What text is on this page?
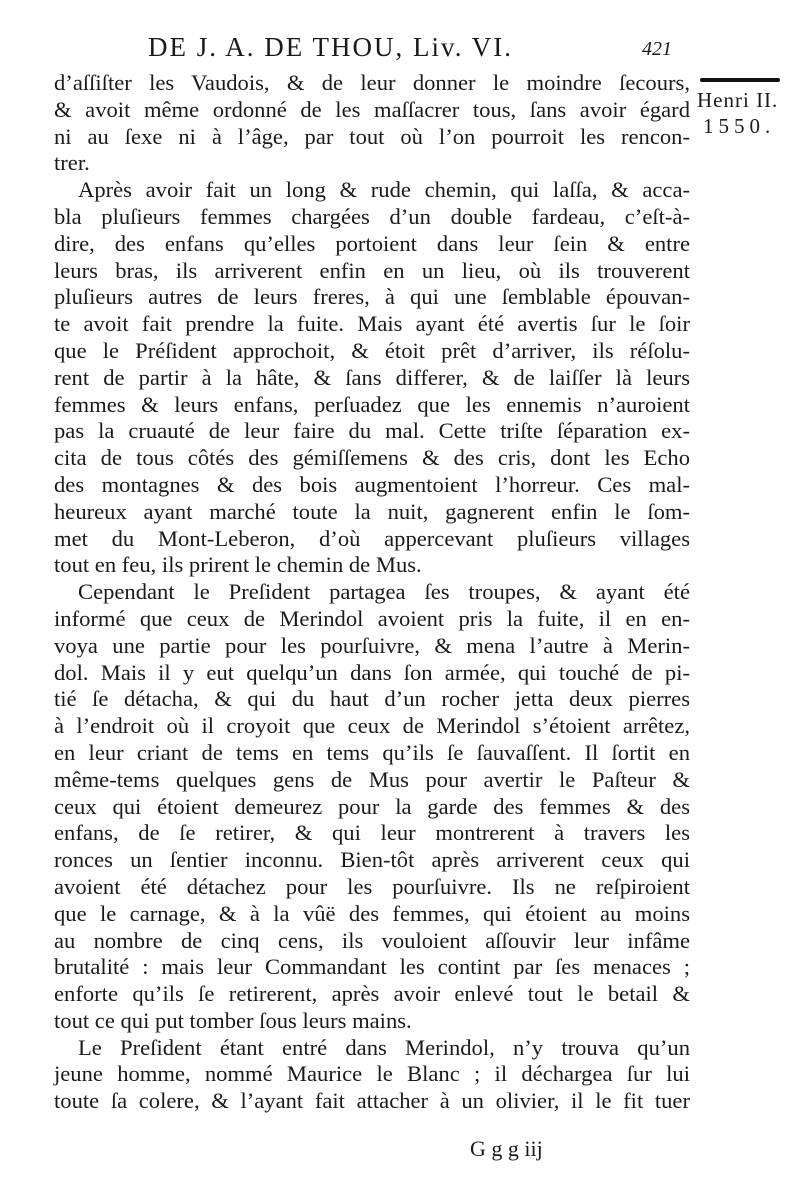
DE J. A. DE THOU, Liv. VI.	421
Henri II.
1550.
d’aſſiſter les Vaudois, & de leur donner le moindre ſecours,
& avoit même ordonné de les maſſacrer tous, ſans avoir égard
ni au ſexe ni à l’âge, par tout où l’on pourroit les rencon-
trer.
Après avoir fait un long & rude chemin, qui laſſa, & acca-
bla pluſieurs femmes chargées d’un double fardeau, c’eſt-à-
dire, des enfans qu’elles portoient dans leur ſein & entre
leurs bras, ils arriverent enfin en un lieu, où ils trouverent
pluſieurs autres de leurs freres, à qui une ſemblable épouvan-
te avoit fait prendre la fuite. Mais ayant été avertis ſur le ſoir
que le Préſident approchoit, & étoit prêt d’arriver, ils réſolu-
rent de partir à la hâte, & ſans differer, & de laiſſer là leurs
femmes & leurs enfans, perſuadez que les ennemis n’auroient
pas la cruauté de leur faire du mal. Cette triſte ſéparation ex-
cita de tous côtés des gémiſſemens & des cris, dont les Echo
des montagnes & des bois augmentoient l’horreur. Ces mal-
heureux ayant marché toute la nuit, gagnerent enfin le ſom-
met du Mont-Leberon, d’où appercevant pluſieurs villages
tout en feu, ils prirent le chemin de Mus.
Cependant le Preſident partagea ſes troupes, & ayant été
informé que ceux de Merindol avoient pris la fuite, il en en-
voya une partie pour les pourſuivre, & mena l’autre à Merin-
dol. Mais il y eut quelqu’un dans ſon armée, qui touché de pi-
tié ſe détacha, & qui du haut d’un rocher jetta deux pierres
à l’endroit où il croyoit que ceux de Merindol s’étoient arrêtez,
en leur criant de tems en tems qu’ils ſe ſauvaſſent. Il ſortit en
même-tems quelques gens de Mus pour avertir le Paſteur &
ceux qui étoient demeurez pour la garde des femmes & des
enfans, de ſe retirer, & qui leur montrerent à travers les
ronces un ſentier inconnu. Bien-tôt après arriverent ceux qui
avoient été détachez pour les pourſuivre. Ils ne reſpiroient
que le carnage, & à la vûë des femmes, qui étoient au moins
au nombre de cinq cens, ils vouloient aſſouvir leur infâme
brutalité : mais leur Commandant les contint par ſes menaces ;
enforte qu’ils ſe retirerent, après avoir enlevé tout le betail &
tout ce qui put tomber ſous leurs mains.
Le Preſident étant entré dans Merindol, n’y trouva qu’un
jeune homme, nommé Maurice le Blanc ; il déchargea ſur lui
toute ſa colere, & l’ayant fait attacher à un olivier, il le fit tuer
G g g iij
